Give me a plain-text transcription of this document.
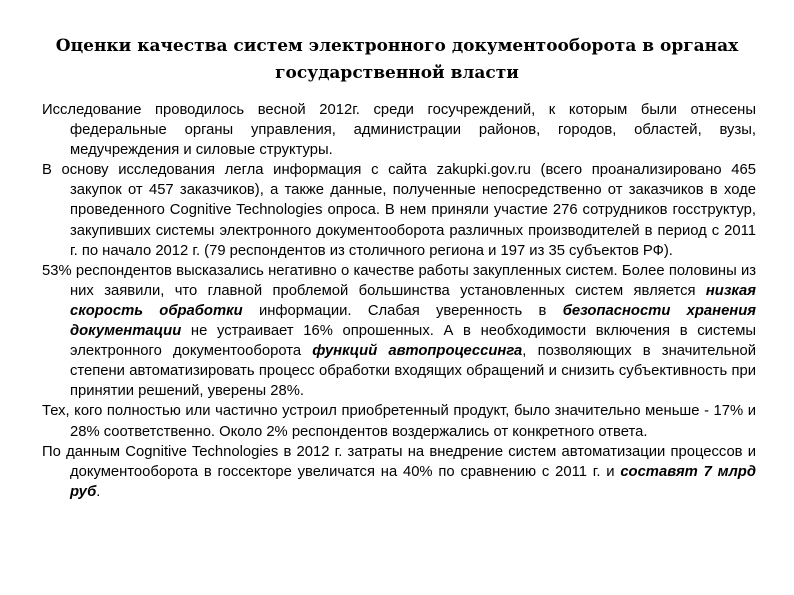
Оценки качества систем электронного документооборота в органах государственной власти

Исследование проводилось весной 2012г. среди госучреждений, к которым были отнесены федеральные органы управления, администрации районов, городов, областей, вузы, медучреждения и силовые структуры.

В основу исследования легла информация с сайта zakupki.gov.ru (всего проанализировано 465 закупок от 457 заказчиков), а также данные, полученные непосредственно от заказчиков в ходе проведенного Cognitive Technologies опроса. В нем приняли участие 276 сотрудников госструктур, закупивших системы электронного документооборота различных производителей в период с 2011 г. по начало 2012 г. (79 респондентов из столичного региона и 197 из 35 субъектов РФ).

53% респондентов высказались негативно о качестве работы закупленных систем. Более половины из них заявили, что главной проблемой большинства установленных систем является низкая скорость обработки информации. Слабая уверенность в безопасности хранения документации не устраивает 16% опрошенных. А в необходимости включения в системы электронного документооборота функций автопроцессинга, позволяющих в значительной степени автоматизировать процесс обработки входящих обращений и снизить субъективность при принятии решений, уверены 28%.

Тех, кого полностью или частично устроил приобретенный продукт, было значительно меньше - 17% и 28% соответственно. Около 2% респондентов воздержались от конкретного ответа.

По данным Cognitive Technologies в 2012 г. затраты на внедрение систем автоматизации процессов и документооборота в госсекторе увеличатся на 40% по сравнению с 2011 г. и составят 7 млрд руб.
